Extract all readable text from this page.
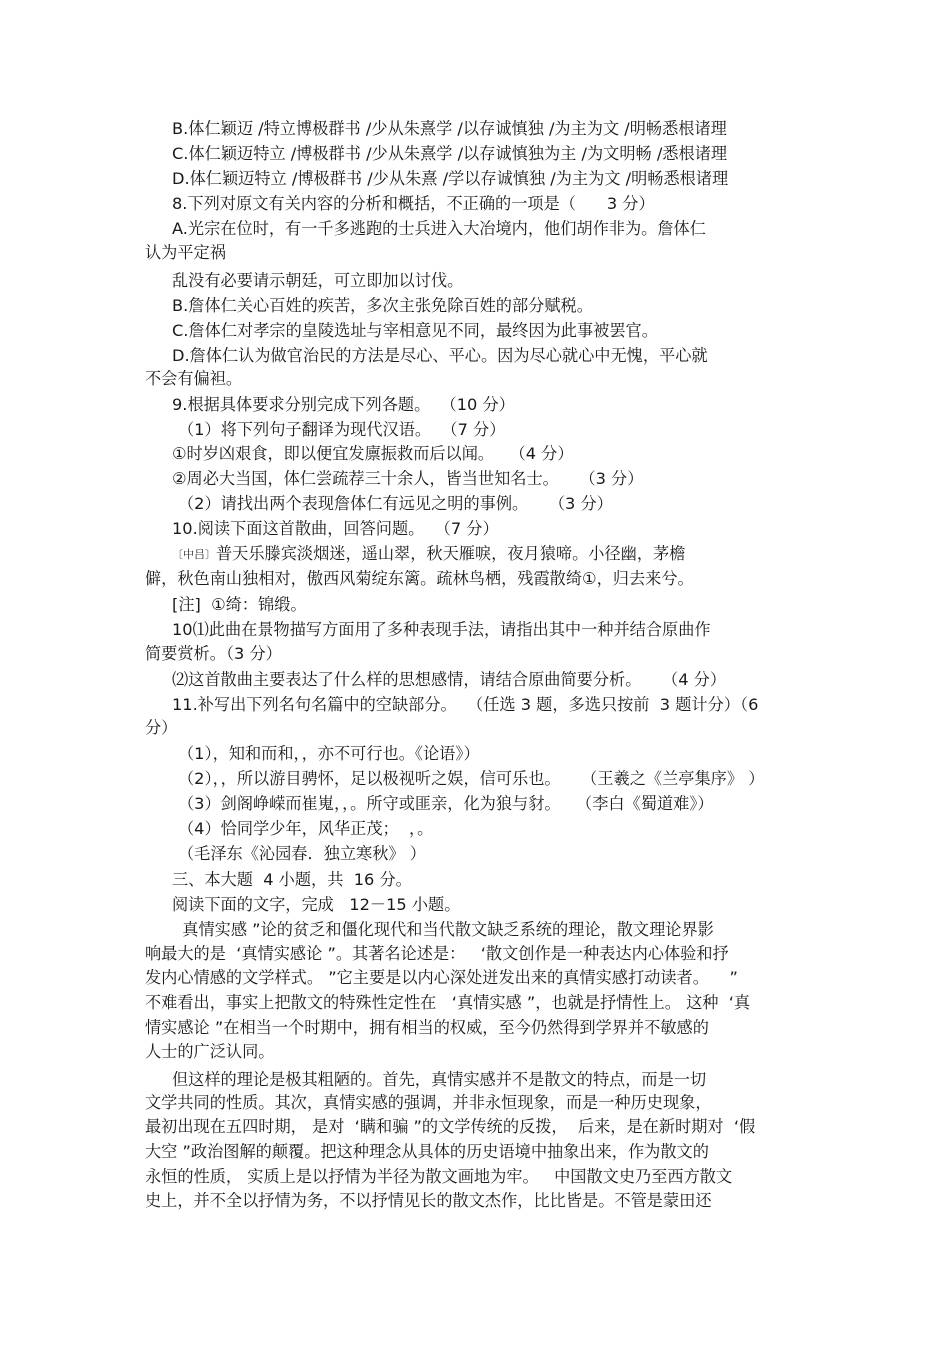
B.体仁颖迈 /特立博极群书 /少从朱熹学 /以存诚慎独 /为主为文 /明畅悉根诸理
C.体仁颖迈特立 /博极群书 /少从朱熹学 /以存诚慎独为主 /为文明畅 /悉根诸理
D.体仁颖迈特立 /博极群书 /少从朱熹 /学以存诚慎独 /为主为文 /明畅悉根诸理
8.下列对原文有关内容的分析和概括，不正确的一项是（      3 分）
A.光宗在位时，有一千多逃跑的士兵进入大冶境内，他们胡作非为。詹体仁
认为平定祸
乱没有必要请示朝廷，可立即加以讨伐。
B.詹体仁关心百姓的疾苦，多次主张免除百姓的部分赋税。
C.詹体仁对孝宗的皇陵选址与宰相意见不同，最终因为此事被罢官。
D.詹体仁认为做官治民的方法是尽心、平心。因为尽心就心中无愧，平心就
不会有偏袒。
9.根据具体要求分别完成下列各题。  （10 分）
（1）将下列句子翻译为现代汉语。  （7 分）
①时岁凶艰食，即以便宜发廪振救而后以闻。   （4 分）
②周必大当国，体仁尝疏荐三十余人，皆当世知名士。    （3 分）
（2）请找出两个表现詹体仁有远见之明的事例。    （3 分）
10.阅读下面这首散曲，回答问题。  （7 分）
〔中吕〕普天乐滕宾淡烟迷，遥山翠，秋天雁唳，夜月猿啼。小径幽，茅檐
僻，秋色南山独相对，傲西风菊绽东篱。疏林鸟栖，残霞散绮①，归去来兮。
[注]  ①绮：锦缎。
10⑴此曲在景物描写方面用了多种表现手法，请指出其中一种并结合原曲作
简要赏析。（3 分）
⑵这首散曲主要表达了什么样的思想感情，请结合原曲简要分析。    （4 分）
11.补写出下列名句名篇中的空缺部分。  （任选 3 题，多选只按前  3 题计分）（6
分）
（1），知和而和，，亦不可行也。《论语》）
（2），，所以游目骋怀，足以极视听之娱，信可乐也。    （王羲之《兰亭集序》 ）
（3）剑阁峥嵘而崔嵬，，。所守或匪亲，化为狼与豺。   （李白《蜀道难》）
（4）恰同学少年，风华正茂；  ，。
（毛泽东《沁园春．独立寒秋》 ）
三、本大题  4 小题，共  16 分。
阅读下面的文字，完成   12－15 小题。
真情实感 ”论的贫乏和僵化现代和当代散文缺乏系统的理论，散文理论界影
响最大的是  ‘真情实感论 ”。其著名论述是：   ‘散文创作是一种表达内心体验和抒
发内心情感的文学样式。 ”它主要是以内心深处迸发出来的真情实感打动读者。    ”
不难看出，事实上把散文的特殊性定性在   ‘真情实感 ”，也就是抒情性上。 这种  ‘真
情实感论 ”在相当一个时期中，拥有相当的权威，至今仍然得到学界并不敏感的
人士的广泛认同。
但这样的理论是极其粗陋的。首先，真情实感并不是散文的特点，而是一切
文学共同的性质。其次，真情实感的强调，并非永恒现象，而是一种历史现象，
最初出现在五四时期， 是对  ‘瞒和骗 ”的文学传统的反拨，  后来，是在新时期对  ‘假
大空 ”政治图解的颠覆。把这种理念从具体的历史语境中抽象出来，作为散文的
永恒的性质， 实质上是以抒情为半径为散文画地为牢。   中国散文史乃至西方散文
史上，并不全以抒情为务，不以抒情见长的散文杰作，比比皆是。不管是蒙田还
